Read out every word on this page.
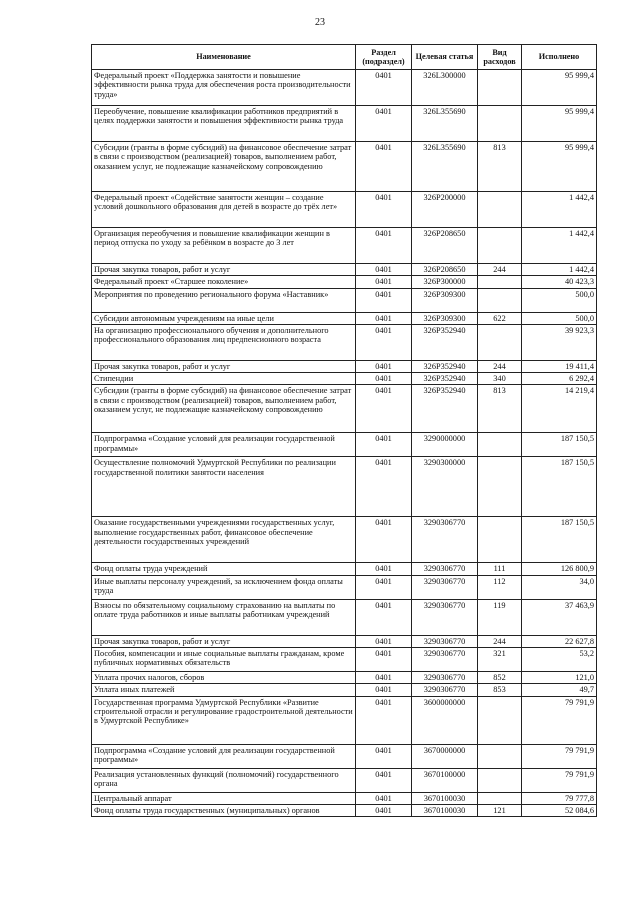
23
Наименование	Раздел (подраздел)	Целевая статья	Вид расходов	Исполнено
Федеральный проект «Поддержка занятости и повышение эффективности рынка труда для обеспечения роста производительности труда»	0401	326L300000		95 999,4
Переобучение, повышение квалификации работников предприятий в целях поддержки занятости и повышения эффективности рынка труда	0401	326L355690		95 999,4
Субсидии (гранты в форме субсидий) на финансовое обеспечение затрат в связи с производством (реализацией) товаров, выполнением работ, оказанием услуг, не подлежащие казначейскому сопровождению	0401	326L355690	813	95 999,4
Федеральный проект «Содействие занятости женщин – создание условий дошкольного образования для детей в возрасте до трёх лет»	0401	326P200000		1 442,4
Организация переобучения и повышение квалификации женщин в период отпуска по уходу за ребёнком в возрасте до 3 лет	0401	326P208650		1 442,4
Прочая закупка товаров, работ и услуг	0401	326P208650	244	1 442,4
Федеральный проект «Старшее поколение»	0401	326P300000		40 423,3
Мероприятия по проведению регионального форума «Наставник»	0401	326P309300		500,0
Субсидии автономным учреждениям на иные цели	0401	326P309300	622	500,0
На организацию профессионального обучения и дополнительного профессионального образования лиц предпенсионного возраста	0401	326P352940		39 923,3
Прочая закупка товаров, работ и услуг	0401	326P352940	244	19 411,4
Стипендии	0401	326P352940	340	6 292,4
Субсидии (гранты в форме субсидий) на финансовое обеспечение затрат в связи с производством (реализацией) товаров, выполнением работ, оказанием услуг, не подлежащие казначейскому сопровождению	0401	326P352940	813	14 219,4
Подпрограмма «Создание условий для реализации государственной программы»	0401	3290000000		187 150,5
Осуществление полномочий Удмуртской Республики по реализации государственной политики занятости населения	0401	3290300000		187 150,5
Оказание государственными учреждениями государственных услуг, выполнение государственных работ, финансовое обеспечение деятельности государственных учреждений	0401	3290306770		187 150,5
Фонд оплаты труда учреждений	0401	3290306770	111	126 800,9
Иные выплаты персоналу учреждений, за исключением фонда оплаты труда	0401	3290306770	112	34,0
Взносы по обязательному социальному страхованию на выплаты по оплате труда работников и иные выплаты работникам учреждений	0401	3290306770	119	37 463,9
Прочая закупка товаров, работ и услуг	0401	3290306770	244	22 627,8
Пособия, компенсации и иные социальные выплаты гражданам, кроме публичных нормативных обязательств	0401	3290306770	321	53,2
Уплата прочих налогов, сборов	0401	3290306770	852	121,0
Уплата иных платежей	0401	3290306770	853	49,7
Государственная программа Удмуртской Республики «Развитие строительной отрасли и регулирование градостроительной деятельности в Удмуртской Республике»	0401	3600000000		79 791,9
Подпрограмма «Создание условий для реализации государственной программы»	0401	3670000000		79 791,9
Реализация установленных функций (полномочий) государственного органа	0401	3670100000		79 791,9
Центральный аппарат	0401	3670100030		79 777,8
Фонд оплаты труда государственных (муниципальных) органов	0401	3670100030	121	52 084,6
